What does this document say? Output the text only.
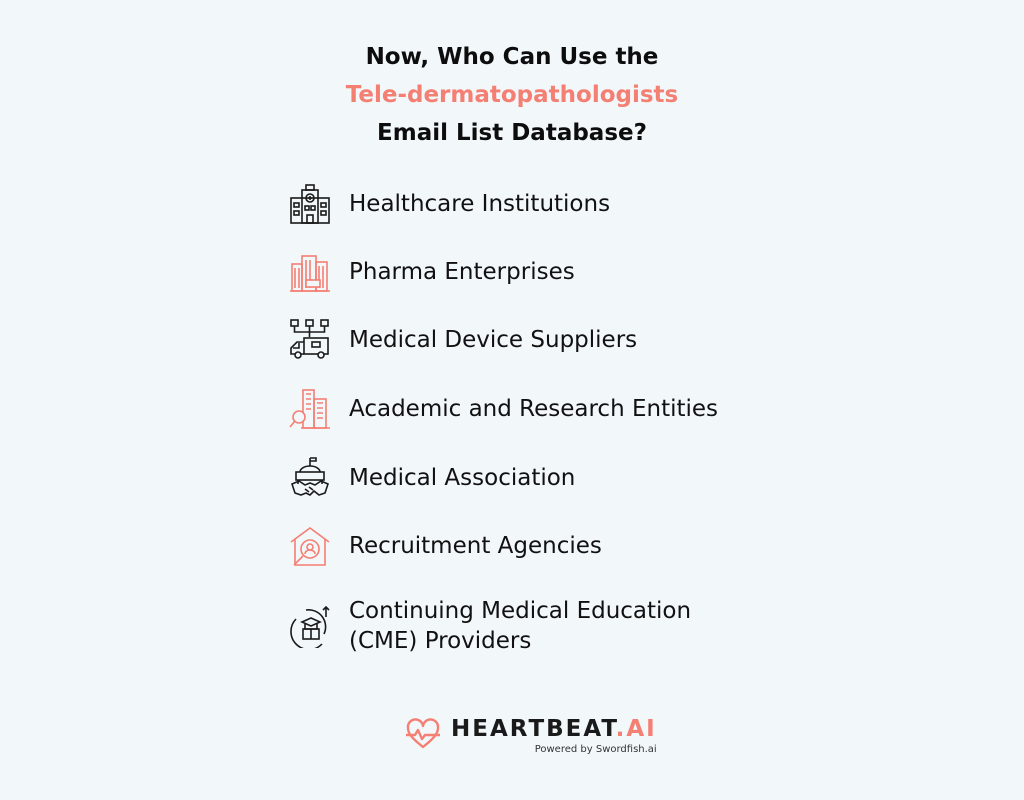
Now, Who Can Use the
Tele-dermatopathologists
Email List Database?
Healthcare Institutions
Pharma Enterprises
Medical Device Suppliers
Academic and Research Entities
Medical Association
Recruitment Agencies
Continuing Medical Education (CME) Providers
HEARTBEAT.AI
Powered by Swordfish.ai
